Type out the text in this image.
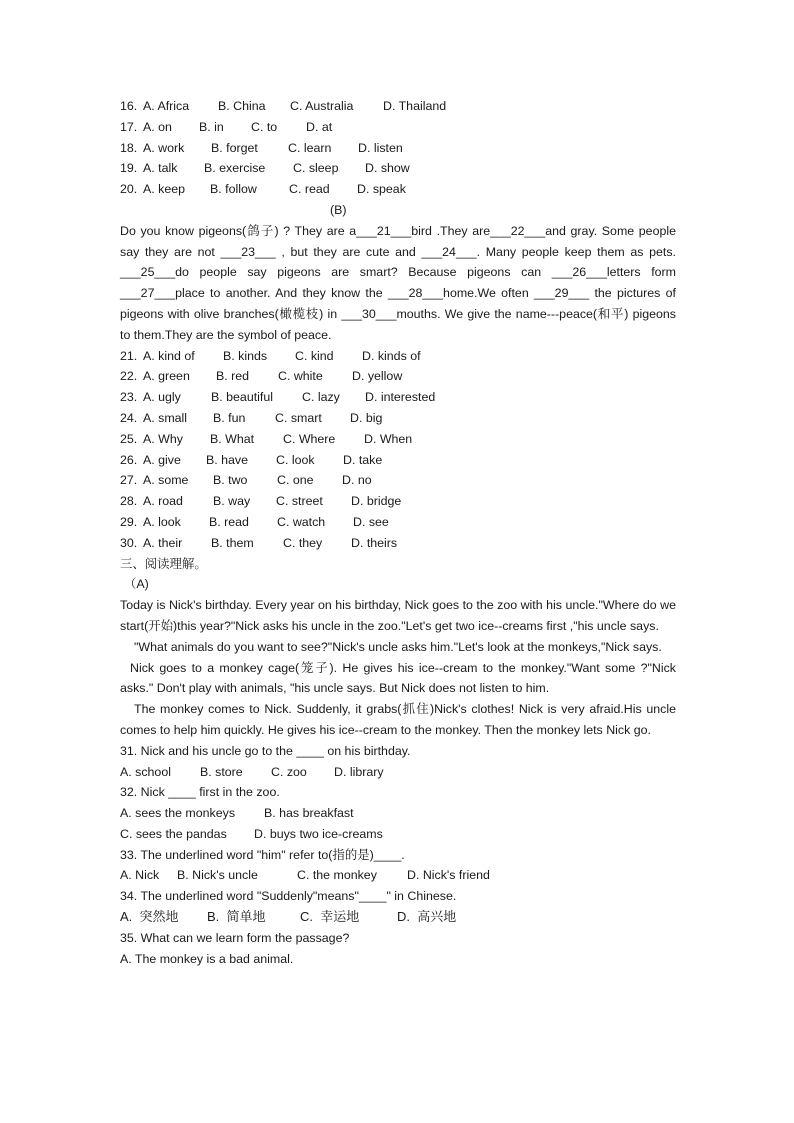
16. A. Africa	B. China	C. Australia	D. Thailand
17. A. on	B. in	C. to	D. at
18. A. work	B. forget	C. learn	D. listen
19. A. talk	B. exercise	C. sleep	D. show
20. A. keep	B. follow	C. read	D. speak
(B)
Do you know pigeons(鸽子) ? They are a___21___bird .They are___22___and gray. Some people say they are not ___23___ , but they are cute and ___24___. Many people keep them as pets. ___25___do people say pigeons are smart? Because pigeons can ___26___letters form ___27___place to another. And they know the ___28___home.We often ___29___ the pictures of pigeons with olive branches(橄榄枝) in ___30___mouths. We give the name---peace(和平) pigeons to them.They are the symbol of peace.
21. A. kind of	B. kinds	C. kind	D. kinds of
22. A. green	B. red	C. white	D. yellow
23. A. ugly	B. beautiful	C. lazy	D. interested
24. A. small	B. fun	C. smart	D. big
25. A. Why	B. What	C. Where	D. When
26. A. give	B. have	C. look	D. take
27. A. some	B. two	C. one	D. no
28. A. road	B. way	C. street	D. bridge
29. A. look	B. read	C. watch	D. see
30. A. their	B. them	C. they	D. theirs
三、阅读理解。
（A)
Today is Nick's birthday. Every year on his birthday, Nick goes to the zoo with his uncle."Where do we start(开始)this year?"Nick asks his uncle in the zoo."Let's get two ice--creams first ,"his uncle says.
"What animals do you want to see?"Nick's uncle asks him."Let's look at the monkeys,"Nick says.
Nick goes to a monkey cage(笼子). He gives his ice--cream to the monkey."Want some ?"Nick asks." Don't play with animals, "his uncle says. But Nick does not listen to him.
The monkey comes to Nick. Suddenly, it grabs(抓住)Nick's clothes! Nick is very afraid.His uncle comes to help him quickly. He gives his ice--cream to the monkey. Then the monkey lets Nick go.
31. Nick and his uncle go to the ____ on his birthday.
A. school	B. store	C. zoo	D. library
32. Nick ____ first in the zoo.
A. sees the monkeys	B. has breakfast
C. sees the pandas	D. buys two ice-creams
33. The underlined word "him" refer to(指的是)____.
A. Nick	B. Nick's uncle	C. the monkey	D. Nick's friend
34. The underlined word "Suddenly"means"____" in Chinese.
A.  突然地	B.  简单地	C.  幸运地	D.  高兴地
35. What can we learn form the passage?
A. The monkey is a bad animal.
